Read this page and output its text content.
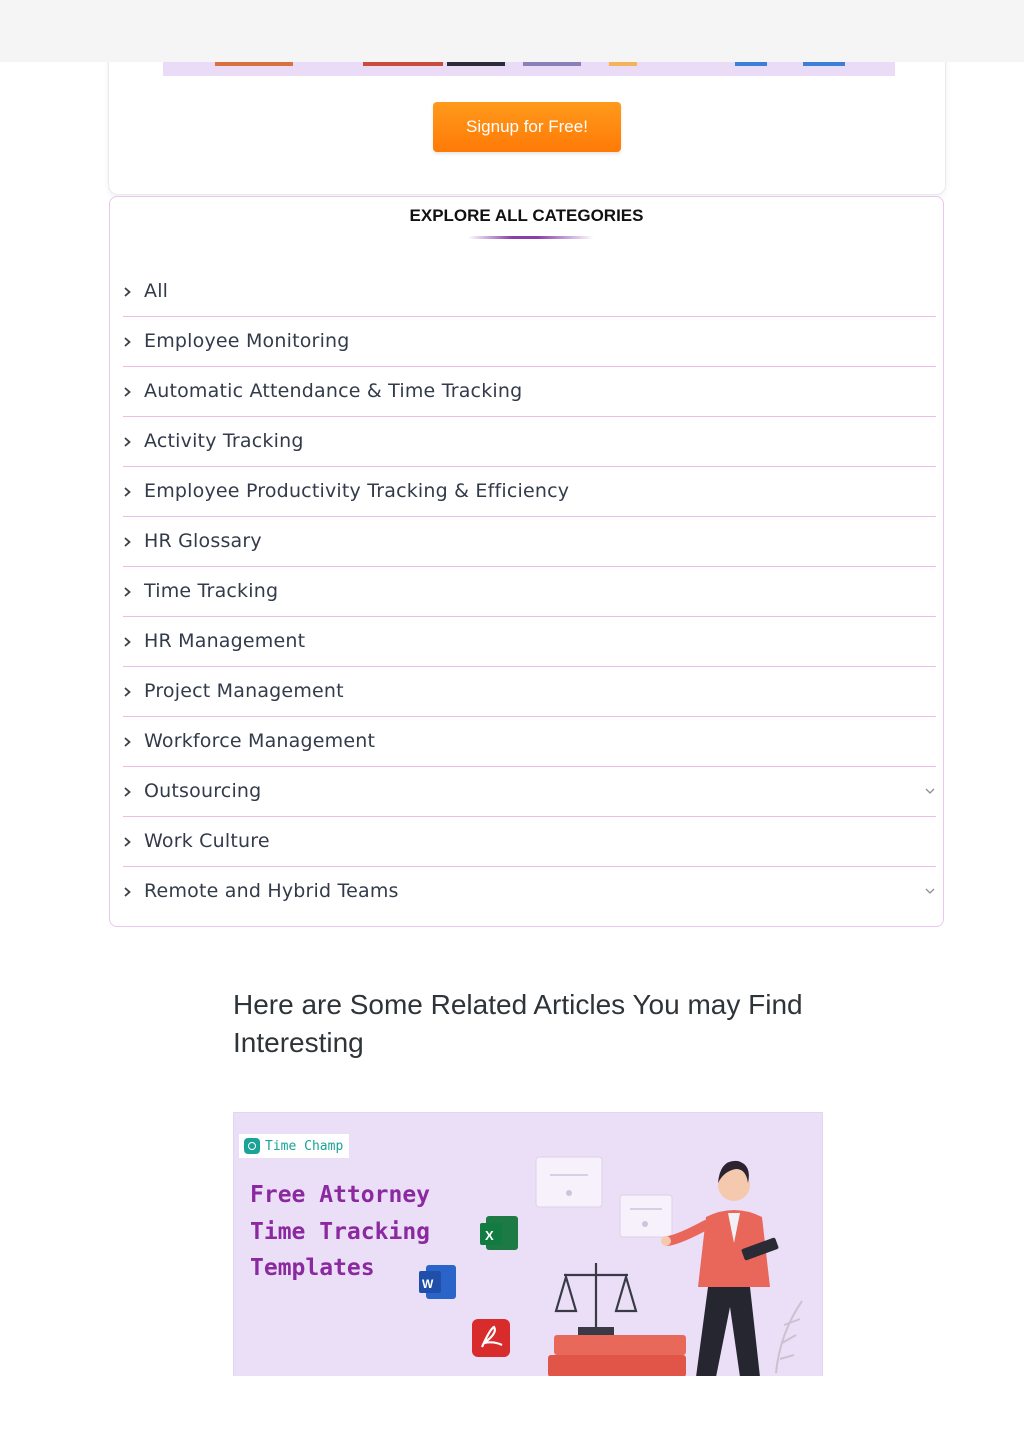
Signup for Free!
EXPLORE ALL CATEGORIES
All
Employee Monitoring
Automatic Attendance & Time Tracking
Activity Tracking
Employee Productivity Tracking & Efficiency
HR Glossary
Time Tracking
HR Management
Project Management
Workforce Management
Outsourcing
Work Culture
Remote and Hybrid Teams
Here are Some Related Articles You may Find Interesting
Time Champ
Free Attorney
Time Tracking
Templates
X
W
